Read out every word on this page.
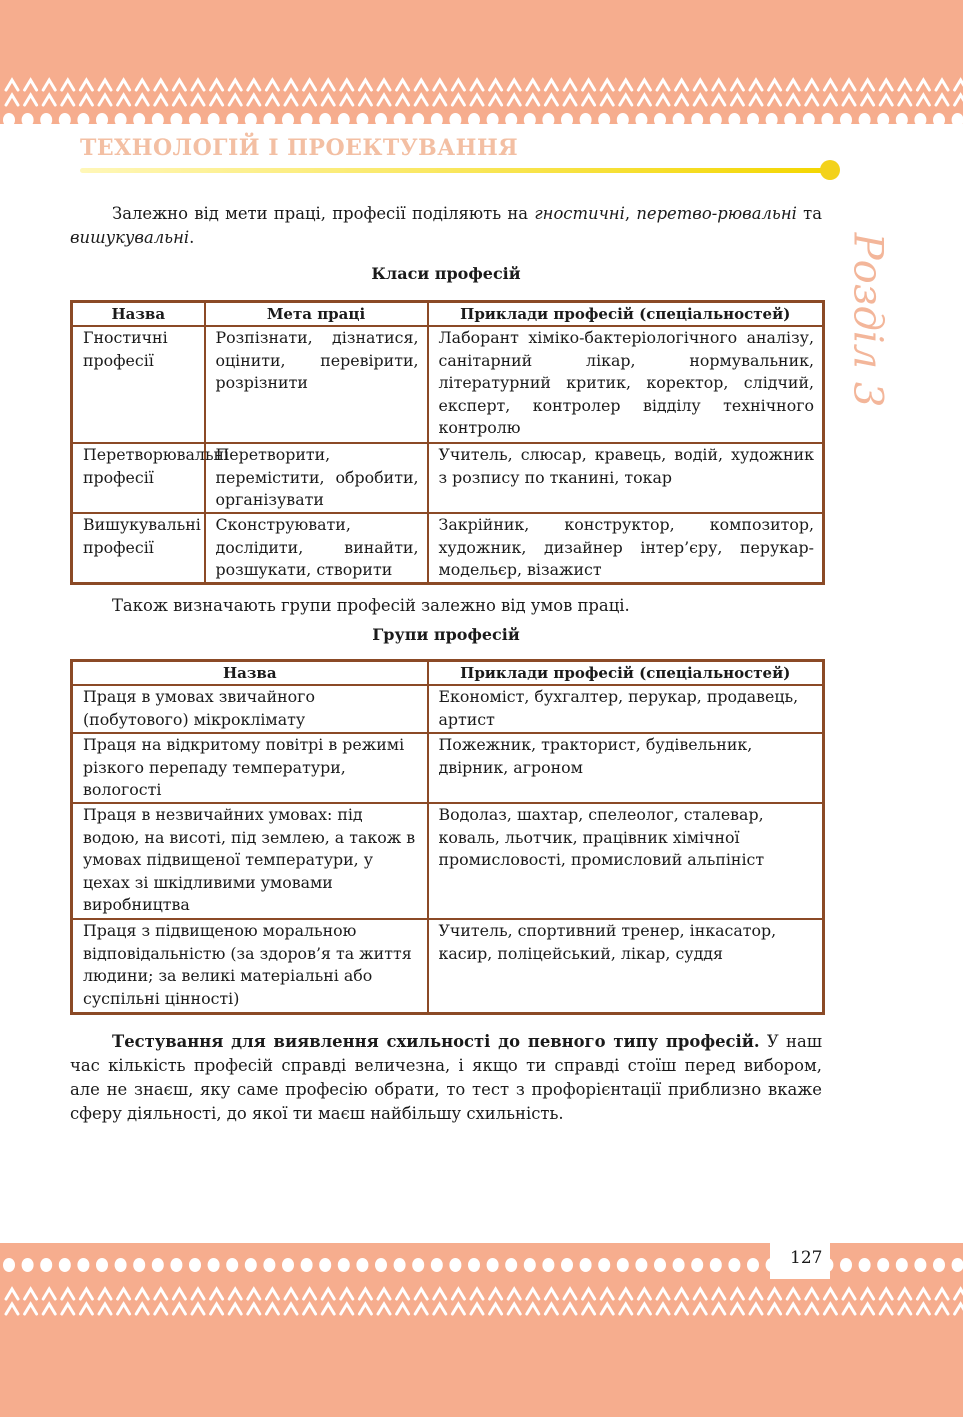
ТЕХНОЛОГІЙ І ПРОЕКТУВАННЯ
Розділ 3

Залежно від мети праці, професії поділяють на гностичні, перетво-рювальні та вишукувальні.

Класи професій

Назва	Мета праці	Приклади професій (спеціальностей)
Гностичні професії	Розпізнати, дізнатися, оцінити, перевірити, розрізнити	Лаборант хіміко-бактеріологічного аналізу, санітарний лікар, нормувальник, літературний критик, коректор, слідчий, експерт, контролер відділу технічного контролю
Перетворювальні професії	Перетворити, перемістити, обробити, організувати	Учитель, слюсар, кравець, водій, художник з розпису по тканині, токар
Вишукувальні професії	Сконструювати, дослідити, винайти, розшукати, створити	Закрійник, конструктор, композитор, художник, дизайнер інтер’єру, перукар-модельєр, візажист

Також визначають групи професій залежно від умов праці.

Групи професій

Назва	Приклади професій (спеціальностей)
Праця в умовах звичайного (побутового) мікроклімату	Економіст, бухгалтер, перукар, продавець, артист
Праця на відкритому повітрі в режимі різкого перепаду температури, вологості	Пожежник, тракторист, будівельник, двірник, агроном
Праця в незвичайних умовах: під водою, на висоті, під землею, а також в умовах підвищеної температури, у цехах зі шкідливими умовами виробництва	Водолаз, шахтар, спелеолог, сталевар, коваль, льотчик, працівник хімічної промисловості, промисловий альпініст
Праця з підвищеною моральною відповідальністю (за здоров’я та життя людини; за великі матеріальні або суспільні цінності)	Учитель, спортивний тренер, інкасатор, касир, поліцейський, лікар, суддя

Тестування для виявлення схильності до певного типу професій. У наш час кількість професій справді величезна, і якщо ти справді стоїш перед вибором, але не знаєш, яку саме професію обрати, то тест з профорієнтації приблизно вкаже сферу діяльності, до якої ти маєш найбільшу схильність.

127
